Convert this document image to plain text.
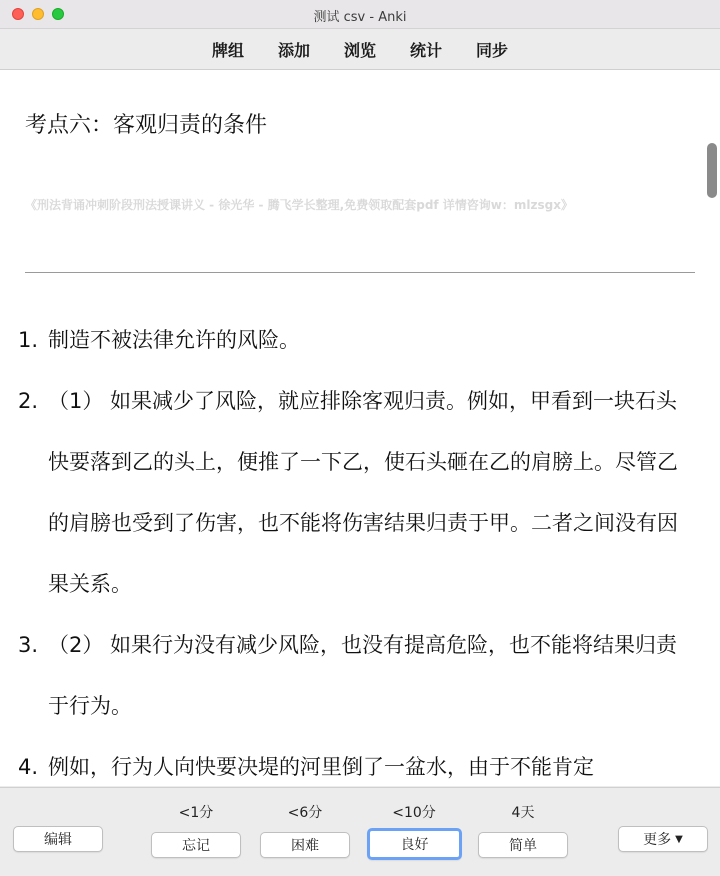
测试 csv - Anki
牌组	添加	浏览	统计	同步
考点六：客观归责的条件
《刑法背诵冲刺阶段刑法授课讲义 - 徐光华 - 腾飞学长整理,免费领取配套pdf 详情咨询w：mlzsgx》
1. 制造不被法律允许的风险。
2. （1） 如果减少了风险，就应排除客观归责。例如，甲看到一块石头快要落到乙的头上，便推了一下乙，使石头砸在乙的肩膀上。尽管乙的肩膀也受到了伤害，也不能将伤害结果归责于甲。二者之间没有因果关系。
3. （2） 如果行为没有减少风险，也没有提高危险，也不能将结果归责于行为。
4. 例如，行为人向快要决堤的河里倒了一盆水，由于不能肯定
编辑
<1分	<6分	<10分	4天
忘记	困难	良好	简单	更多 ▼
